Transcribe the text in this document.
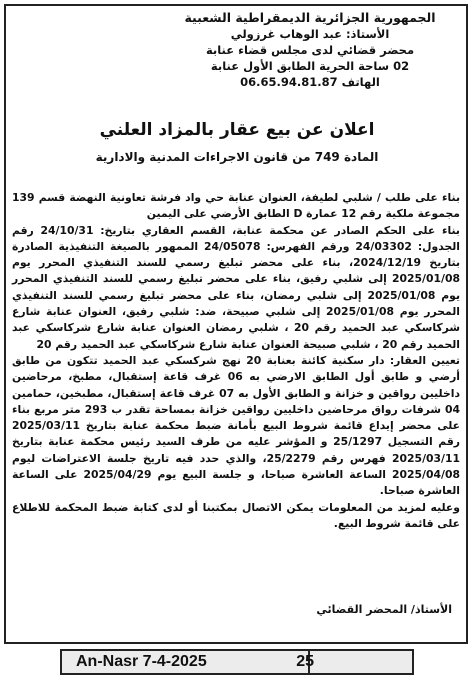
الجمهورية الجزائرية الديمقراطية الشعبية
الأستاذ: عبد الوهاب غرزولي
محضر قضائي لدى مجلس قضاء عنابة
02 ساحة الحرية الطابق الأول عنابة
الهاتف 06.65.94.81.87
اعلان عن بيع عقار بالمزاد العلني
المادة 749 من قانون الاجراءات المدنية والادارية

بناء على طلب / شلبي لطيفة، العنوان عنابة حي واد فرشة تعاونية النهضة قسم 139 مجموعة ملكية رقم 12 عمارة D الطابق الأرضي على اليمين

بناء على الحكم الصادر عن محكمة عنابة، القسم العقاري بتاريخ: 24/10/31 رقم الجدول: 24/03302 ورقم الفهرس: 24/05078 الممهور بالصيغة التنفيذية الصادرة بتاريخ 2024/12/19، بناء على محضر تبليغ رسمي للسند التنفيذي المحرر يوم 2025/01/08 إلى شلبي رفيق، بناء على محضر تبليغ رسمي للسند التنفيذي المحرر يوم 2025/01/08 إلى شلبي رمضان، بناء على محضر تبليغ رسمي للسند التنفيذي المحرر يوم 2025/01/08 إلى شلبي صبيحة، ضد: شلبي رفيق، العنوان عنابة شارع شركاسكي عبد الحميد رقم 20 ، شلبي رمضان العنوان عنابة شارع شركاسكي عبد الحميد رقم 20 ، شلبي صبيحة العنوان عنابة شارع شركاسكي عبد الحميد رقم 20

تعيين العقار: دار سكنية كائنة بعنابة 20 نهج شركسكي عبد الحميد تتكون من طابق أرضي و طابق أول الطابق الارضي به 06 غرف قاعة إستقبال، مطبخ، مرحاضين داخليين رواقين و خزانة و الطابق الأول به 07 غرف قاعة إستقبال، مطبخين، حمامين 04 شرفات رواق مرحاضين داخليين رواقين خزانة بمساحة تقدر ب 293 متر مربع بناء على محضر إيداع قائمة شروط البيع بأمانة ضبط محكمة عنابة بتاريخ 2025/03/11 رقم التسجيل 25/1297 و المؤشر عليه من طرف السيد رئيس محكمة عنابة بتاريخ 2025/03/11 فهرس رقم 25/2279، والذي حدد فيه تاريخ جلسة الاعتراضات ليوم 2025/04/08 الساعة العاشرة صباحا، و جلسة البيع يوم 2025/04/29 على الساعة العاشرة صباحا.

وعليه لمزيد من المعلومات يمكن الاتصال بمكتبنا أو لدى كتابة ضبط المحكمة للاطلاع على قائمة شروط البيع.

الأستاذ/ المحضر القضائي
An-Nasr 7-4-2025	25
